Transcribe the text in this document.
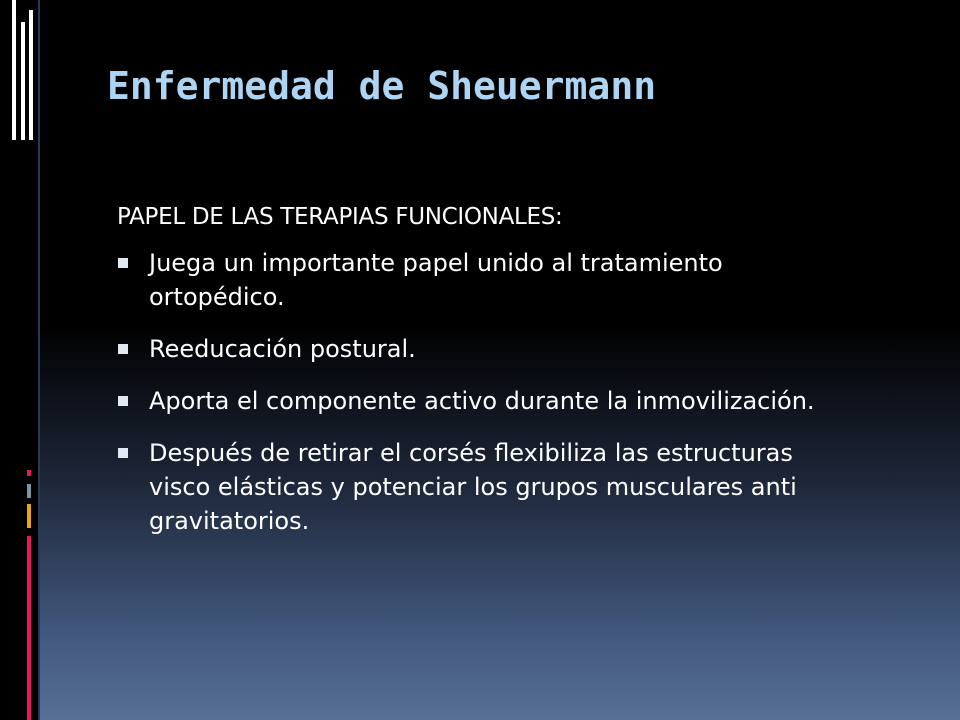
Enfermedad de Sheuermann

PAPEL DE LAS TERAPIAS FUNCIONALES:

Juega un importante papel unido al tratamiento ortopédico.
Reeducación postural.
Aporta el componente activo durante la inmovilización.
Después de retirar el corsés flexibiliza las estructuras visco elásticas y potenciar los grupos musculares anti gravitatorios.
